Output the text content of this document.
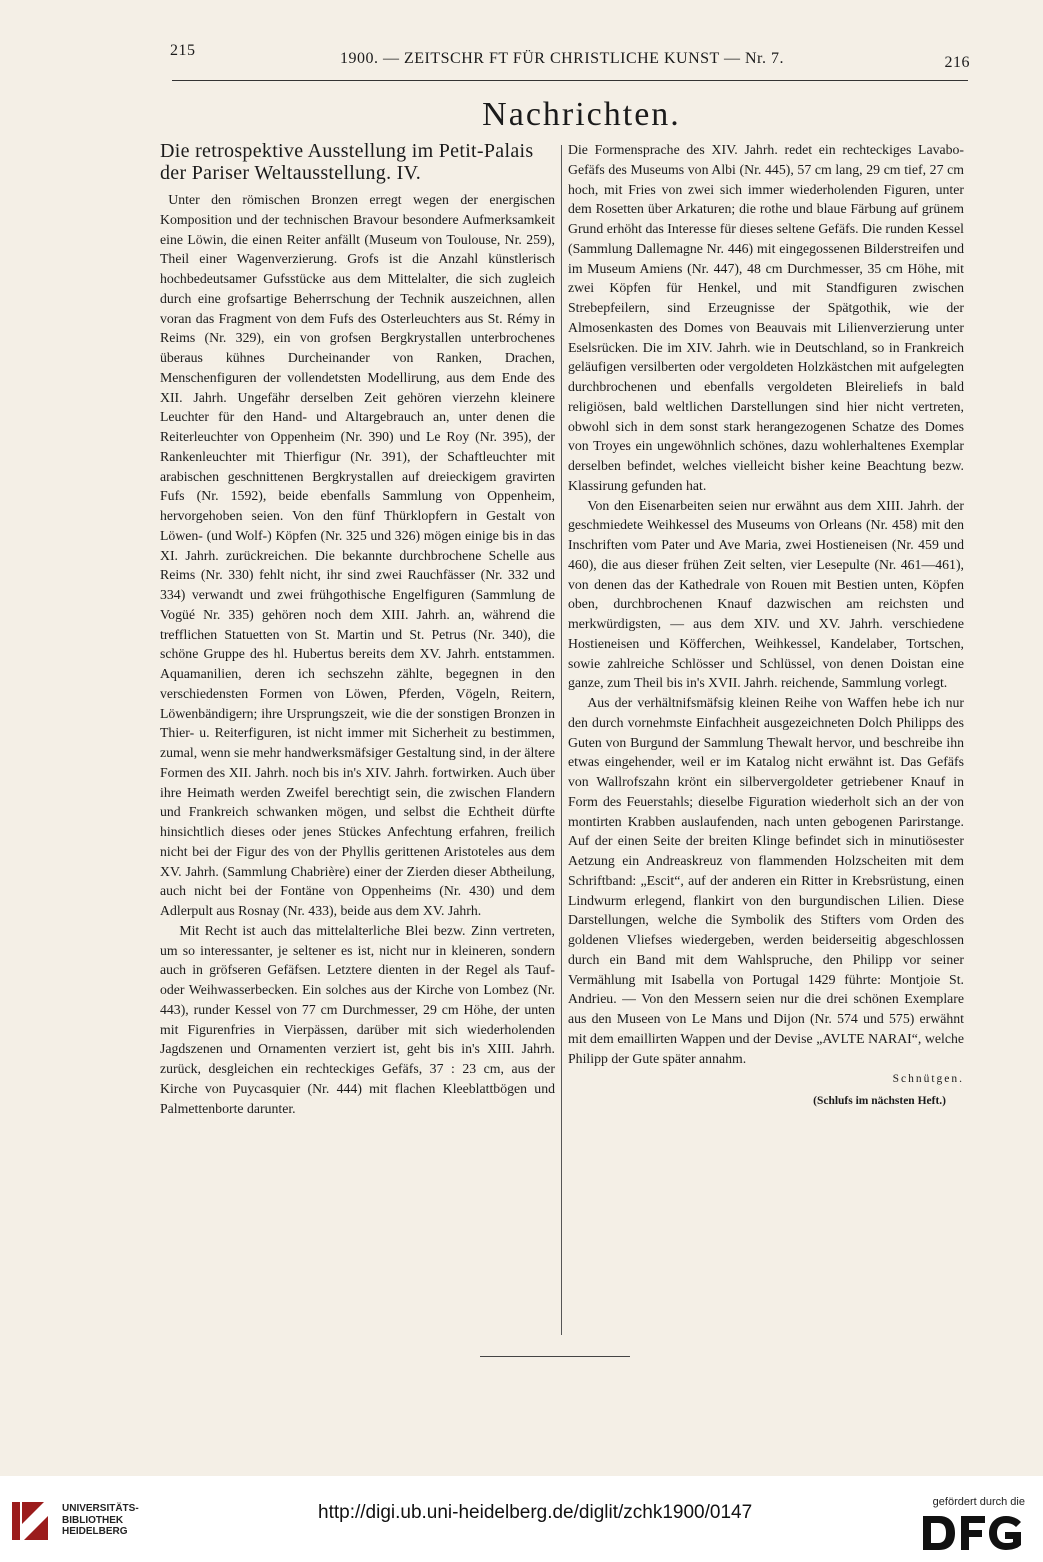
215	1900. — ZEITSCHR FT FÜR CHRISTLICHE KUNST — Nr. 7.	216
Nachrichten.
Die retrospektive Ausstellung im Petit-Palais der Pariser Weltausstellung. IV.

Unter den römischen Bronzen erregt wegen der energischen Komposition und der technischen Bravour besondere Aufmerksamkeit eine Löwin, die einen Reiter anfällt (Museum von Toulouse, Nr. 259), Theil einer Wagenverzierung. Grofs ist die Anzahl künstlerisch hochbedeutsamer Gufsstücke aus dem Mittelalter, die sich zugleich durch eine grofsartige Beherrschung der Technik auszeichnen, allen voran das Fragment von dem Fufs des Osterleuchters aus St. Rémy in Reims (Nr. 329), ein von grofsen Bergkrystallen unterbrochenes überaus kühnes Durcheinander von Ranken, Drachen, Menschenfiguren der vollendetsten Modellirung, aus dem Ende des XII. Jahrh. Ungefähr derselben Zeit gehören vierzehn kleinere Leuchter für den Hand- und Altargebrauch an, unter denen die Reiterleuchter von Oppenheim (Nr. 390) und Le Roy (Nr. 395), der Rankenleuchter mit Thierfigur (Nr. 391), der Schaftleuchter mit arabischen geschnittenen Bergkrystallen auf dreieckigem gravirten Fufs (Nr. 1592), beide ebenfalls Sammlung von Oppenheim, hervorgehoben seien. Von den fünf Thürklopfern in Gestalt von Löwen- (und Wolf-) Köpfen (Nr. 325 und 326) mögen einige bis in das XI. Jahrh. zurückreichen. Die bekannte durchbrochene Schelle aus Reims (Nr. 330) fehlt nicht, ihr sind zwei Rauchfässer (Nr. 332 und 334) verwandt und zwei frühgothische Engelfiguren (Sammlung de Vogüé Nr. 335) gehören noch dem XIII. Jahrh. an, während die trefflichen Statuetten von St. Martin und St. Petrus (Nr. 340), die schöne Gruppe des hl. Hubertus bereits dem XV. Jahrh. entstammen. Aquamanilien, deren ich sechszehn zählte, begegnen in den verschiedensten Formen von Löwen, Pferden, Vögeln, Reitern, Löwenbändigern; ihre Ursprungszeit, wie die der sonstigen Bronzen in Thier- u. Reiterfiguren, ist nicht immer mit Sicherheit zu bestimmen, zumal, wenn sie mehr handwerksmäfsiger Gestaltung sind, in der ältere Formen des XII. Jahrh. noch bis in's XIV. Jahrh. fortwirken. Auch über ihre Heimath werden Zweifel berechtigt sein, die zwischen Flandern und Frankreich schwanken mögen, und selbst die Echtheit dürfte hinsichtlich dieses oder jenes Stückes Anfechtung erfahren, freilich nicht bei der Figur des von der Phyllis gerittenen Aristoteles aus dem XV. Jahrh. (Sammlung Chabrière) einer der Zierden dieser Abtheilung, auch nicht bei der Fontäne von Oppenheims (Nr. 430) und dem Adlerpult aus Rosnay (Nr. 433), beide aus dem XV. Jahrh.

Mit Recht ist auch das mittelalterliche Blei bezw. Zinn vertreten, um so interessanter, je seltener es ist, nicht nur in kleineren, sondern auch in gröfseren Gefäfsen. Letztere dienten in der Regel als Tauf- oder Weihwasserbecken. Ein solches aus der Kirche von Lombez (Nr. 443), runder Kessel von 77 cm Durchmesser, 29 cm Höhe, der unten mit Figurenfries in Vierpässen, darüber mit sich wiederholenden Jagdszenen und Ornamenten verziert ist, geht bis in's XIII. Jahrh. zurück, desgleichen ein rechteckiges Gefäfs, 37 : 23 cm, aus der Kirche von Puycasquier (Nr. 444) mit flachen Kleeblattbögen und Palmettenborte darunter.

Die Formensprache des XIV. Jahrh. redet ein rechteckiges Lavabo-Gefäfs des Museums von Albi (Nr. 445), 57 cm lang, 29 cm tief, 27 cm hoch, mit Fries von zwei sich immer wiederholenden Figuren, unter dem Rosetten über Arkaturen; die rothe und blaue Färbung auf grünem Grund erhöht das Interesse für dieses seltene Gefäfs. Die runden Kessel (Sammlung Dallemagne Nr. 446) mit eingegossenen Bilderstreifen und im Museum Amiens (Nr. 447), 48 cm Durchmesser, 35 cm Höhe, mit zwei Köpfen für Henkel, und mit Standfiguren zwischen Strebepfeilern, sind Erzeugnisse der Spätgothik, wie der Almosenkasten des Domes von Beauvais mit Lilienverzierung unter Eselsrücken. Die im XIV. Jahrh. wie in Deutschland, so in Frankreich geläufigen versilberten oder vergoldeten Holzkästchen mit aufgelegten durchbrochenen und ebenfalls vergoldeten Bleireliefs in bald religiösen, bald weltlichen Darstellungen sind hier nicht vertreten, obwohl sich in dem sonst stark herangezogenen Schatze des Domes von Troyes ein ungewöhnlich schönes, dazu wohlerhaltenes Exemplar derselben befindet, welches vielleicht bisher keine Beachtung bezw. Klassirung gefunden hat.

Von den Eisenarbeiten seien nur erwähnt aus dem XIII. Jahrh. der geschmiedete Weihkessel des Museums von Orleans (Nr. 458) mit den Inschriften vom Pater und Ave Maria, zwei Hostieneisen (Nr. 459 und 460), die aus dieser frühen Zeit selten, vier Lesepulte (Nr. 461—461), von denen das der Kathedrale von Rouen mit Bestien unten, Köpfen oben, durchbrochenen Knauf dazwischen am reichsten und merkwürdigsten, — aus dem XIV. und XV. Jahrh. verschiedene Hostieneisen und Köfferchen, Weihkessel, Kandelaber, Tortschen, sowie zahlreiche Schlösser und Schlüssel, von denen Doistan eine ganze, zum Theil bis in's XVII. Jahrh. reichende, Sammlung vorlegt.

Aus der verhältnifsmäfsig kleinen Reihe von Waffen hebe ich nur den durch vornehmste Einfachheit ausgezeichneten Dolch Philipps des Guten von Burgund der Sammlung Thewalt hervor, und beschreibe ihn etwas eingehender, weil er im Katalog nicht erwähnt ist. Das Gefäfs von Wallrofszahn krönt ein silbervergoldeter getriebener Knauf in Form des Feuerstahls; dieselbe Figuration wiederholt sich an der von montirten Krabben auslaufenden, nach unten gebogenen Parirstange. Auf der einen Seite der breiten Klinge befindet sich in minutiösester Aetzung ein Andreaskreuz von flammenden Holzscheiten mit dem Schriftband: „Escit“, auf der anderen ein Ritter in Krebsrüstung, einen Lindwurm erlegend, flankirt von den burgundischen Lilien. Diese Darstellungen, welche die Symbolik des Stifters vom Orden des goldenen Vliefses wiedergeben, werden beiderseitig abgeschlossen durch ein Band mit dem Wahlspruche, den Philipp vor seiner Vermählung mit Isabella von Portugal 1429 führte: Montjoie St. Andrieu. — Von den Messern seien nur die drei schönen Exemplare aus den Museen von Le Mans und Dijon (Nr. 574 und 575) erwähnt mit dem emaillirten Wappen und der Devise „AVLTE NARAI“, welche Philipp der Gute später annahm.

Schnütgen.
(Schlufs im nächsten Heft.)
UNIVERSITÄTS-
BIBLIOTHEK
HEIDELBERG
http://digi.ub.uni-heidelberg.de/diglit/zchk1900/0147	gefördert durch die
